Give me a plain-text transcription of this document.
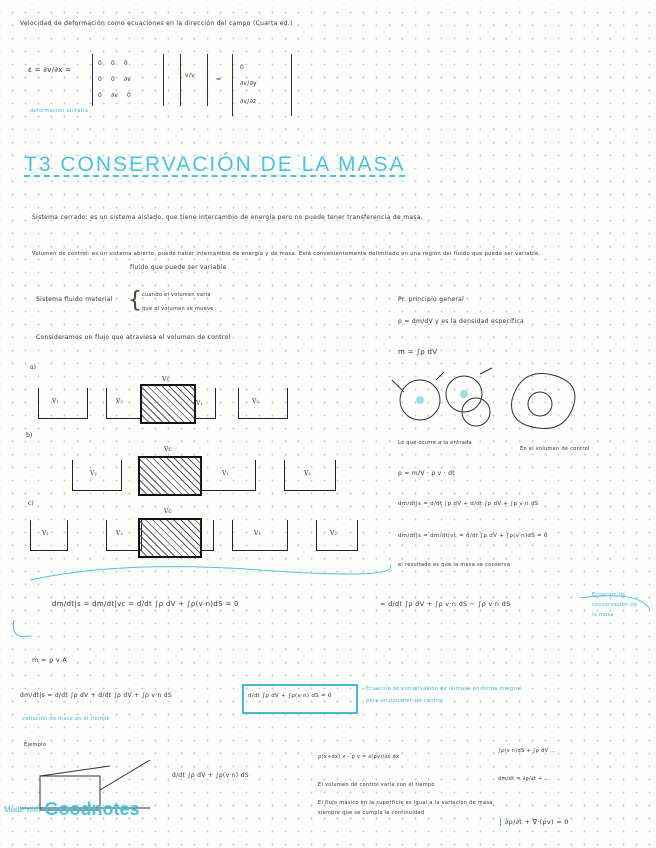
Velocidad de deformación como ecuaciones en la dirección del campo (Cuarta ed.)
ε̇ = ∂v/∂x =
deformación unitaria
0    0    0
0    0    ∂v
0    ∂v    0
v/v
=
0
∂v/∂y
∂v/∂z
T3 CONSERVACIÓN DE LA MASA
Sistema cerrado: es un sistema aislado, que tiene intercambio de energía pero no puede tener transferencia de masa.
Volumen de control: es un sistema abierto, puede haber intercambio de energía y de masa. Está convenientemente delimitado en una región del fluido que puede ser variable.
fluido que puede ser variable
Sistema fluido material { cuando el volumen varía
que el volumen se mueve
Consideramos un flujo que atraviesa el volumen de control
Pr. principio general
ρ = dm/dV y es la densidad específica
m = ∫ρ dV
a)
V₁	V₂
Vc
V₁	V₂
b)
V₂
Vc
V₁	V₂
c)
V₁	V₂
Vc
V₁	V₂
Lo que ocurre a la entrada
En el volumen de control
ρ = m/V · ρ v · dt
dm/dt|s = d/dt ∫ρ dV + d/dt ∫ρ dV + ∫ρ v·n dS
dm/dt|s = dm/dt|vc = d/dt ∫ρ dV + ∫ρ(v·n)dS = 0
el resultado es que la masa se conserva
dm/dt|s = dm/dt|vc = d/dt ∫ρ dV + ∫ρ(v·n)dS = 0	= d/dt ∫ρ dV + ∫ρ v·n dS − ∫ρ v·n dS
Ecuación de
conservación de
la masa
ṁ = ρ v A
dm/dt|s = d/dt ∫ρ dV + d/dt ∫ρ dV + ∫ρ v·n dS	d/dt ∫ρ dV + ∫ρ(v·n) dS = 0
Ecuación de conservación de la masa en forma integral
para un volumen de control
variación de masa en el tiempo
Ejemplo
d/dt ∫ρ dV + ∫ρ(v·n) dS
ρ(x+dx) v - ρ v = ∂(ρv)/∂x dx
El volumen de control varía con el tiempo
El flujo másico en la superficie es igual a la variación de masa
siempre que se cumpla la continuidad
∫ρ(v·n)dS + ∫ρ dV ...
dm/dt = ∂ρ/∂t + ...
∂ρ/∂t + ∇·(ρv) = 0
Made with Goodnotes
